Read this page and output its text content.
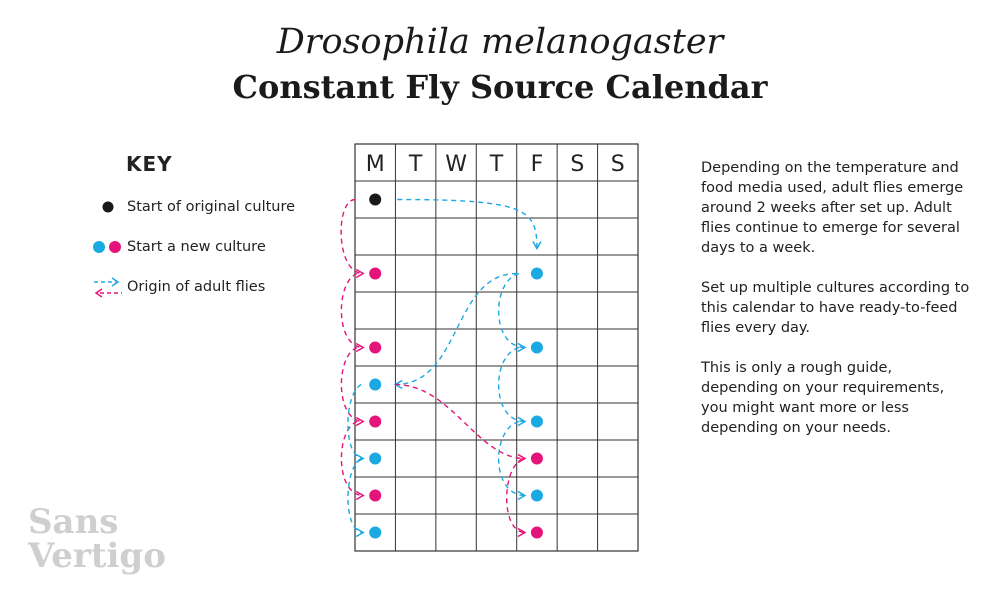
Drosophila melanogaster
Constant Fly Source Calendar
KEY
Start of original culture
Start a new culture
Origin of adult flies
M T W T F S S	Depending on the temperature and food media used, adult flies emerge around 2 weeks after set up. Adult flies continue to emerge for several days to a week.

Set up multiple cultures according to this calendar to have ready-to-feed flies every day.

This is only a rough guide, depending on your requirements, you might want more or less depending on your needs.

Sans
Vertigo
